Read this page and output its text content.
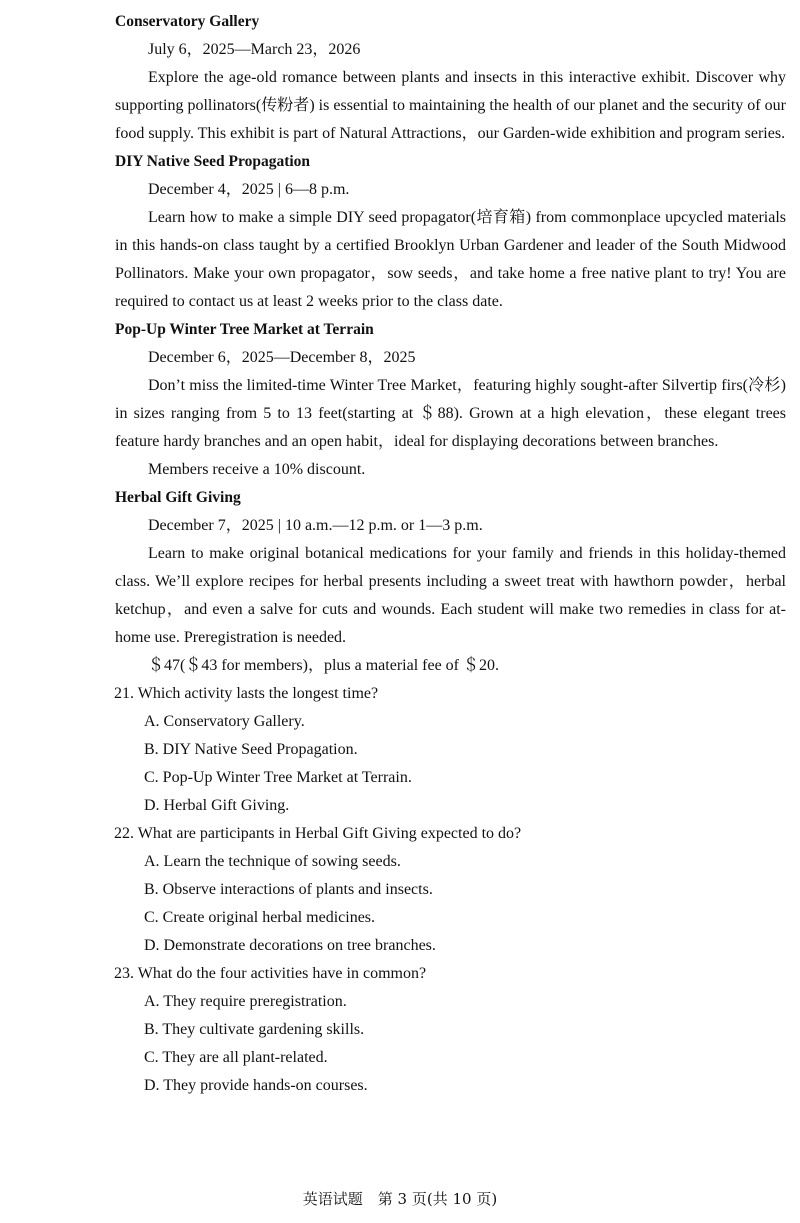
Conservatory Gallery
July 6，2025—March 23，2026

Explore the age-old romance between plants and insects in this interactive exhibit. Discover why supporting pollinators(传粉者) is essential to maintaining the health of our planet and the security of our food supply. This exhibit is part of Natural Attractions，our Garden-wide exhibition and program series.

DIY Native Seed Propagation
December 4，2025 | 6—8 p.m.

Learn how to make a simple DIY seed propagator(培育箱) from commonplace upcycled materials in this hands-on class taught by a certified Brooklyn Urban Gardener and leader of the South Midwood Pollinators. Make your own propagator，sow seeds，and take home a free native plant to try! You are required to contact us at least 2 weeks prior to the class date.

Pop-Up Winter Tree Market at Terrain
December 6，2025—December 8，2025

Don’t miss the limited-time Winter Tree Market，featuring highly sought-after Silvertip firs(冷杉) in sizes ranging from 5 to 13 feet(starting at ＄88). Grown at a high elevation，these elegant trees feature hardy branches and an open habit，ideal for displaying decorations between branches.

Members receive a 10% discount.
Herbal Gift Giving
December 7，2025 | 10 a.m.—12 p.m. or 1—3 p.m.

Learn to make original botanical medications for your family and friends in this holiday-themed class. We’ll explore recipes for herbal presents including a sweet treat with hawthorn powder，herbal ketchup，and even a salve for cuts and wounds. Each student will make two remedies in class for at-home use. Preregistration is needed.

＄47(＄43 for members)，plus a material fee of ＄20.
21. Which activity lasts the longest time?
A. Conservatory Gallery.
B. DIY Native Seed Propagation.
C. Pop-Up Winter Tree Market at Terrain.
D. Herbal Gift Giving.
22. What are participants in Herbal Gift Giving expected to do?
A. Learn the technique of sowing seeds.
B. Observe interactions of plants and insects.
C. Create original herbal medicines.
D. Demonstrate decorations on tree branches.
23. What do the four activities have in common?
A. They require preregistration.
B. They cultivate gardening skills.
C. They are all plant-related.
D. They provide hands-on courses.
英语试题　第 3 页(共 10 页)
